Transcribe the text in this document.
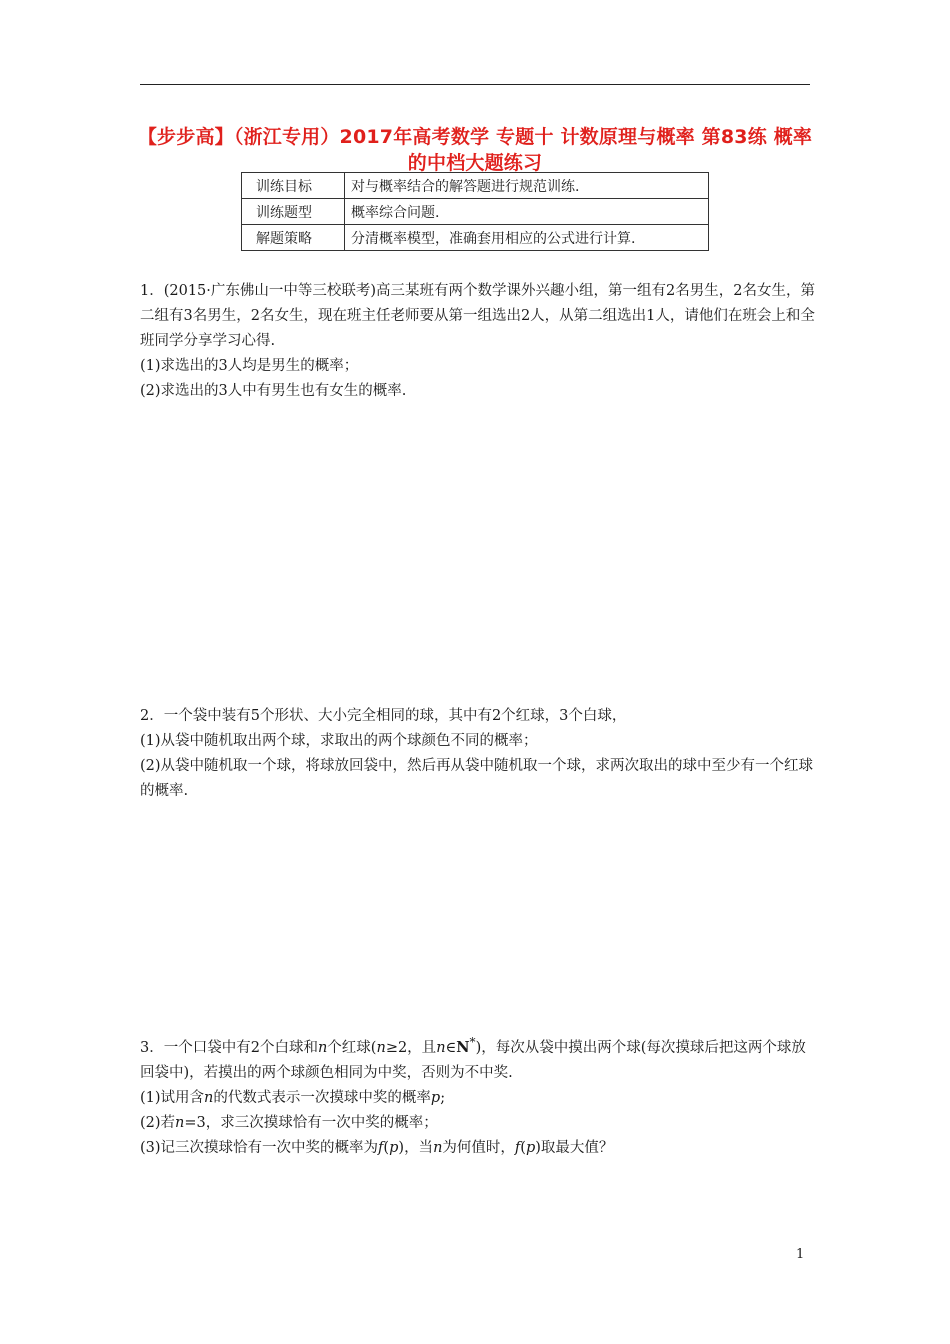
【步步高】（浙江专用）2017年高考数学 专题十 计数原理与概率 第83练 概率的中档大题练习
训练目标	对与概率结合的解答题进行规范训练.
训练题型	概率综合问题.
解题策略	分清概率模型，准确套用相应的公式进行计算.

1．(2015·广东佛山一中等三校联考)高三某班有两个数学课外兴趣小组，第一组有2名男生，2名女生，第二组有3名男生，2名女生，现在班主任老师要从第一组选出2人，从第二组选出1人，请他们在班会上和全班同学分享学习心得.

(1)求选出的3人均是男生的概率；

(2)求选出的3人中有男生也有女生的概率.

2．一个袋中装有5个形状、大小完全相同的球，其中有2个红球，3个白球，

(1)从袋中随机取出两个球，求取出的两个球颜色不同的概率；

(2)从袋中随机取一个球，将球放回袋中，然后再从袋中随机取一个球，求两次取出的球中至少有一个红球的概率.

3．一个口袋中有2个白球和n个红球(n≥2，且n∈N*)，每次从袋中摸出两个球(每次摸球后把这两个球放回袋中)，若摸出的两个球颜色相同为中奖，否则为不中奖.

(1)试用含n的代数式表示一次摸球中奖的概率p;

(2)若n=3，求三次摸球恰有一次中奖的概率；

(3)记三次摸球恰有一次中奖的概率为f(p)，当n为何值时，f(p)取最大值？

1
